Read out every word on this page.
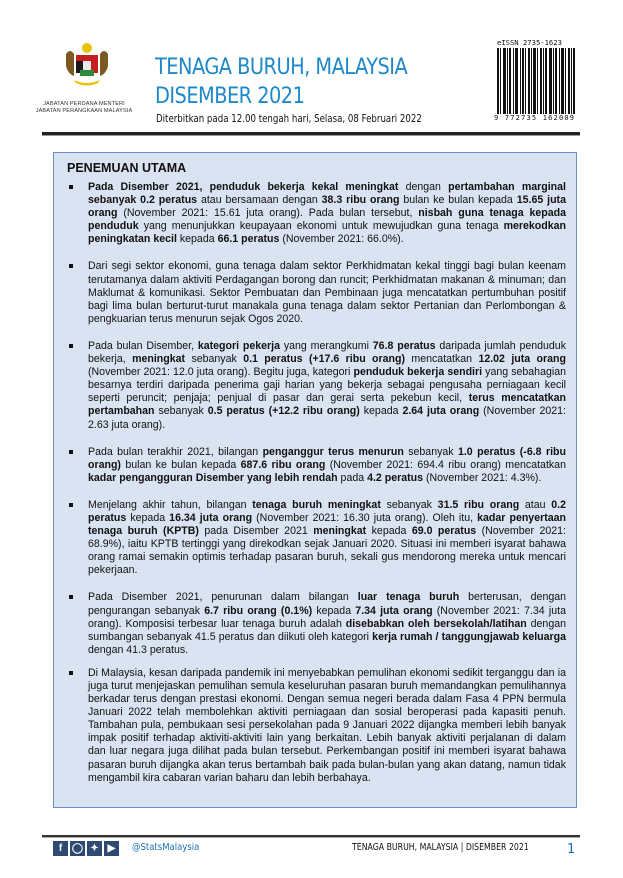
JABATAN PERDANA MENTERI
JABATAN PERANGKAAN MALAYSIA
TENAGA BURUH, MALAYSIA
DISEMBER 2021
Diterbitkan pada 12.00 tengah hari, Selasa, 08 Februari 2022
eISSN 2735-1623
9 772735 162009
PENEMUAN UTAMA
Pada Disember 2021, penduduk bekerja kekal meningkat dengan pertambahan marginal sebanyak 0.2 peratus atau bersamaan dengan 38.3 ribu orang bulan ke bulan kepada 15.65 juta orang (November 2021: 15.61 juta orang). Pada bulan tersebut, nisbah guna tenaga kepada penduduk yang menunjukkan keupayaan ekonomi untuk mewujudkan guna tenaga merekodkan peningkatan kecil kepada 66.1 peratus (November 2021: 66.0%).
Dari segi sektor ekonomi, guna tenaga dalam sektor Perkhidmatan kekal tinggi bagi bulan keenam terutamanya dalam aktiviti Perdagangan borong dan runcit; Perkhidmatan makanan & minuman; dan Maklumat & komunikasi. Sektor Pembuatan dan Pembinaan juga mencatatkan pertumbuhan positif bagi lima bulan berturut-turut manakala guna tenaga dalam sektor Pertanian dan Perlombongan & pengkuarian terus menurun sejak Ogos 2020.
Pada bulan Disember, kategori pekerja yang merangkumi 76.8 peratus daripada jumlah penduduk bekerja, meningkat sebanyak 0.1 peratus (+17.6 ribu orang) mencatatkan 12.02 juta orang (November 2021: 12.0 juta orang). Begitu juga, kategori penduduk bekerja sendiri yang sebahagian besarnya terdiri daripada penerima gaji harian yang bekerja sebagai pengusaha perniagaan kecil seperti peruncit; penjaja; penjual di pasar dan gerai serta pekebun kecil, terus mencatatkan pertambahan sebanyak 0.5 peratus (+12.2 ribu orang) kepada 2.64 juta orang (November 2021: 2.63 juta orang).
Pada bulan terakhir 2021, bilangan penganggur terus menurun sebanyak 1.0 peratus (-6.8 ribu orang) bulan ke bulan kepada 687.6 ribu orang (November 2021: 694.4 ribu orang) mencatatkan kadar pengangguran Disember yang lebih rendah pada 4.2 peratus (November 2021: 4.3%).
Menjelang akhir tahun, bilangan tenaga buruh meningkat sebanyak 31.5 ribu orang atau 0.2 peratus kepada 16.34 juta orang (November 2021: 16.30 juta orang). Oleh itu, kadar penyertaan tenaga buruh (KPTB) pada Disember 2021 meningkat kepada 69.0 peratus (November 2021: 68.9%), iaitu KPTB tertinggi yang direkodkan sejak Januari 2020. Situasi ini memberi isyarat bahawa orang ramai semakin optimis terhadap pasaran buruh, sekali gus mendorong mereka untuk mencari pekerjaan.
Pada Disember 2021, penurunan dalam bilangan luar tenaga buruh berterusan, dengan pengurangan sebanyak 6.7 ribu orang (0.1%) kepada 7.34 juta orang (November 2021: 7.34 juta orang). Komposisi terbesar luar tenaga buruh adalah disebabkan oleh bersekolah/latihan dengan sumbangan sebanyak 41.5 peratus dan diikuti oleh kategori kerja rumah / tanggungjawab keluarga dengan 41.3 peratus.
Di Malaysia, kesan daripada pandemik ini menyebabkan pemulihan ekonomi sedikit terganggu dan ia juga turut menjejaskan pemulihan semula keseluruhan pasaran buruh memandangkan pemulihannya berkadar terus dengan prestasi ekonomi. Dengan semua negeri berada dalam Fasa 4 PPN bermula Januari 2022 telah membolehkan aktiviti perniagaan dan sosial beroperasi pada kapasiti penuh. Tambahan pula, pembukaan sesi persekolahan pada 9 Januari 2022 dijangka memberi lebih banyak impak positif terhadap aktiviti-aktiviti lain yang berkaitan. Lebih banyak aktiviti perjalanan di dalam dan luar negara juga dilihat pada bulan tersebut. Perkembangan positif ini memberi isyarat bahawa pasaran buruh dijangka akan terus bertambah baik pada bulan-bulan yang akan datang, namun tidak mengambil kira cabaran varian baharu dan lebih berbahaya.
f ◯ ✦ ▶	@StatsMalaysia	TENAGA BURUH, MALAYSIA | DISEMBER 2021	1
